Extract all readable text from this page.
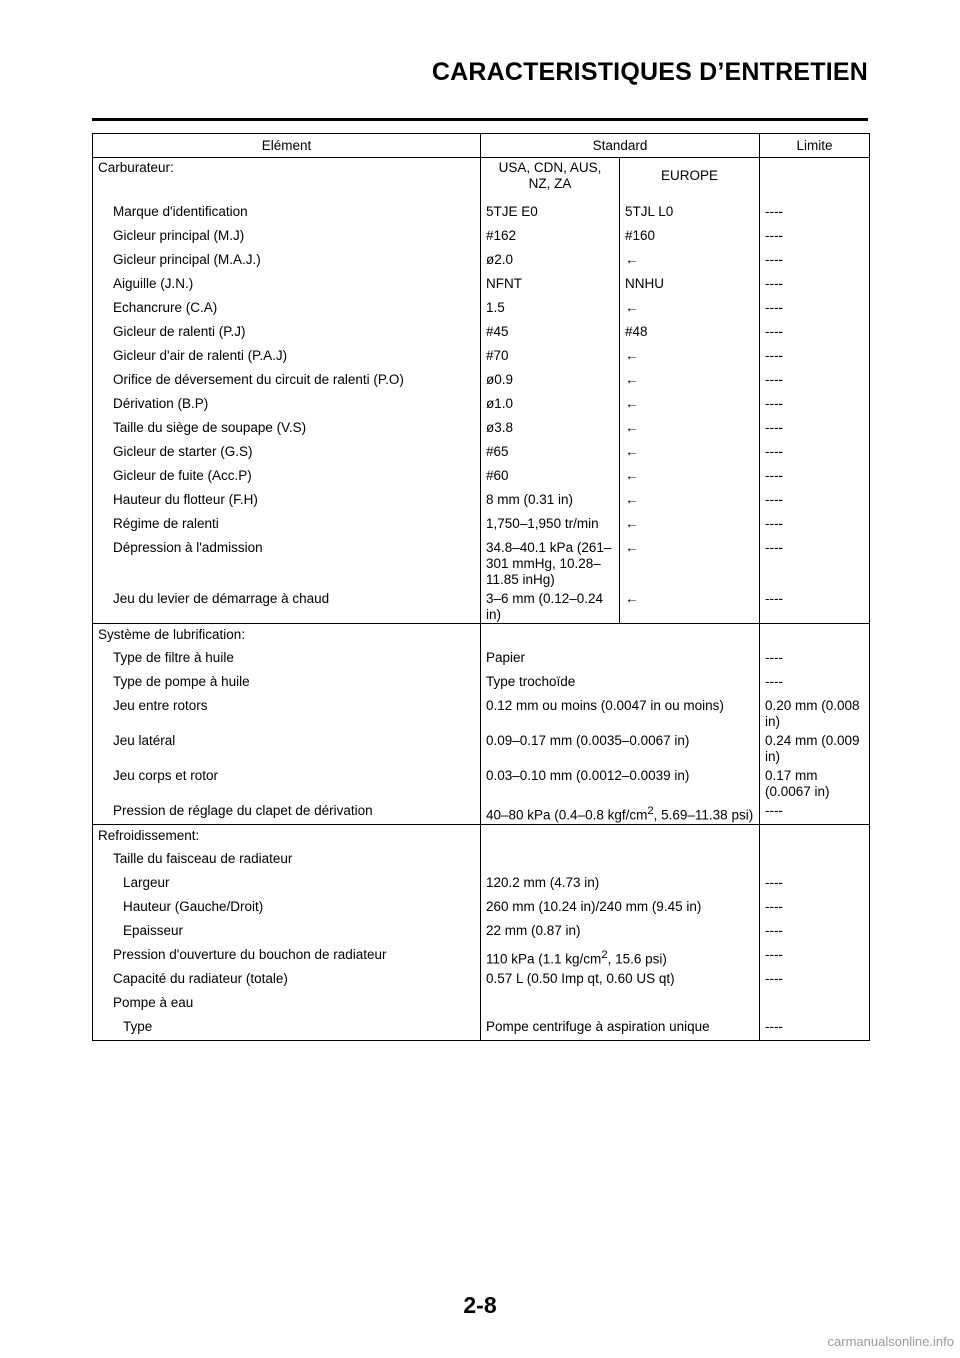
CARACTERISTIQUES D’ENTRETIEN
Elément	Standard		Limite
Carburateur:	USA, CDN, AUS, NZ, ZA	EUROPE	
Marque d'identification	5TJE E0	5TJL L0	----
Gicleur principal (M.J)	#162	#160	----
Gicleur principal (M.A.J.)	ø2.0	←	----
Aiguille (J.N.)	NFNT	NNHU	----
Echancrure (C.A)	1.5	←	----
Gicleur de ralenti (P.J)	#45	#48	----
Gicleur d'air de ralenti (P.A.J)	#70	←	----
Orifice de déversement du circuit de ralenti (P.O)	ø0.9	←	----
Dérivation (B.P)	ø1.0	←	----
Taille du siège de soupape (V.S)	ø3.8	←	----
Gicleur de starter (G.S)	#65	←	----
Gicleur de fuite (Acc.P)	#60	←	----
Hauteur du flotteur (F.H)	8 mm (0.31 in)	←	----
Régime de ralenti	1,750–1,950 tr/min	←	----
Dépression à l'admission	34.8–40.1 kPa (261–301 mmHg, 10.28–11.85 inHg)	←	----
Jeu du levier de démarrage à chaud	3–6 mm (0.12–0.24 in)	←	----
Système de lubrification:			
Type de filtre à huile	Papier		----
Type de pompe à huile	Type trochoïde		----
Jeu entre rotors	0.12 mm ou moins (0.0047 in ou moins)		0.20 mm (0.008 in)
Jeu latéral	0.09–0.17 mm (0.0035–0.0067 in)		0.24 mm (0.009 in)
Jeu corps et rotor	0.03–0.10 mm (0.0012–0.0039 in)		0.17 mm (0.0067 in)
Pression de réglage du clapet de dérivation	40–80 kPa (0.4–0.8 kgf/$cm^2$, 5.69–11.38 psi)		----
Refroidissement:			
Taille du faisceau de radiateur			
Largeur	120.2 mm (4.73 in)		----
Hauteur (Gauche/Droit)	260 mm (10.24 in)/240 mm (9.45 in)		----
Epaisseur	22 mm (0.87 in)		----
Pression d'ouverture du bouchon de radiateur	110 kPa (1.1 $kg/cm^2$, 15.6 psi)		----
Capacité du radiateur (totale)	0.57 L (0.50 Imp qt, 0.60 US qt)		----
Pompe à eau			
Type	Pompe centrifuge à aspiration unique		----
2-8
carmanualsonline.info
